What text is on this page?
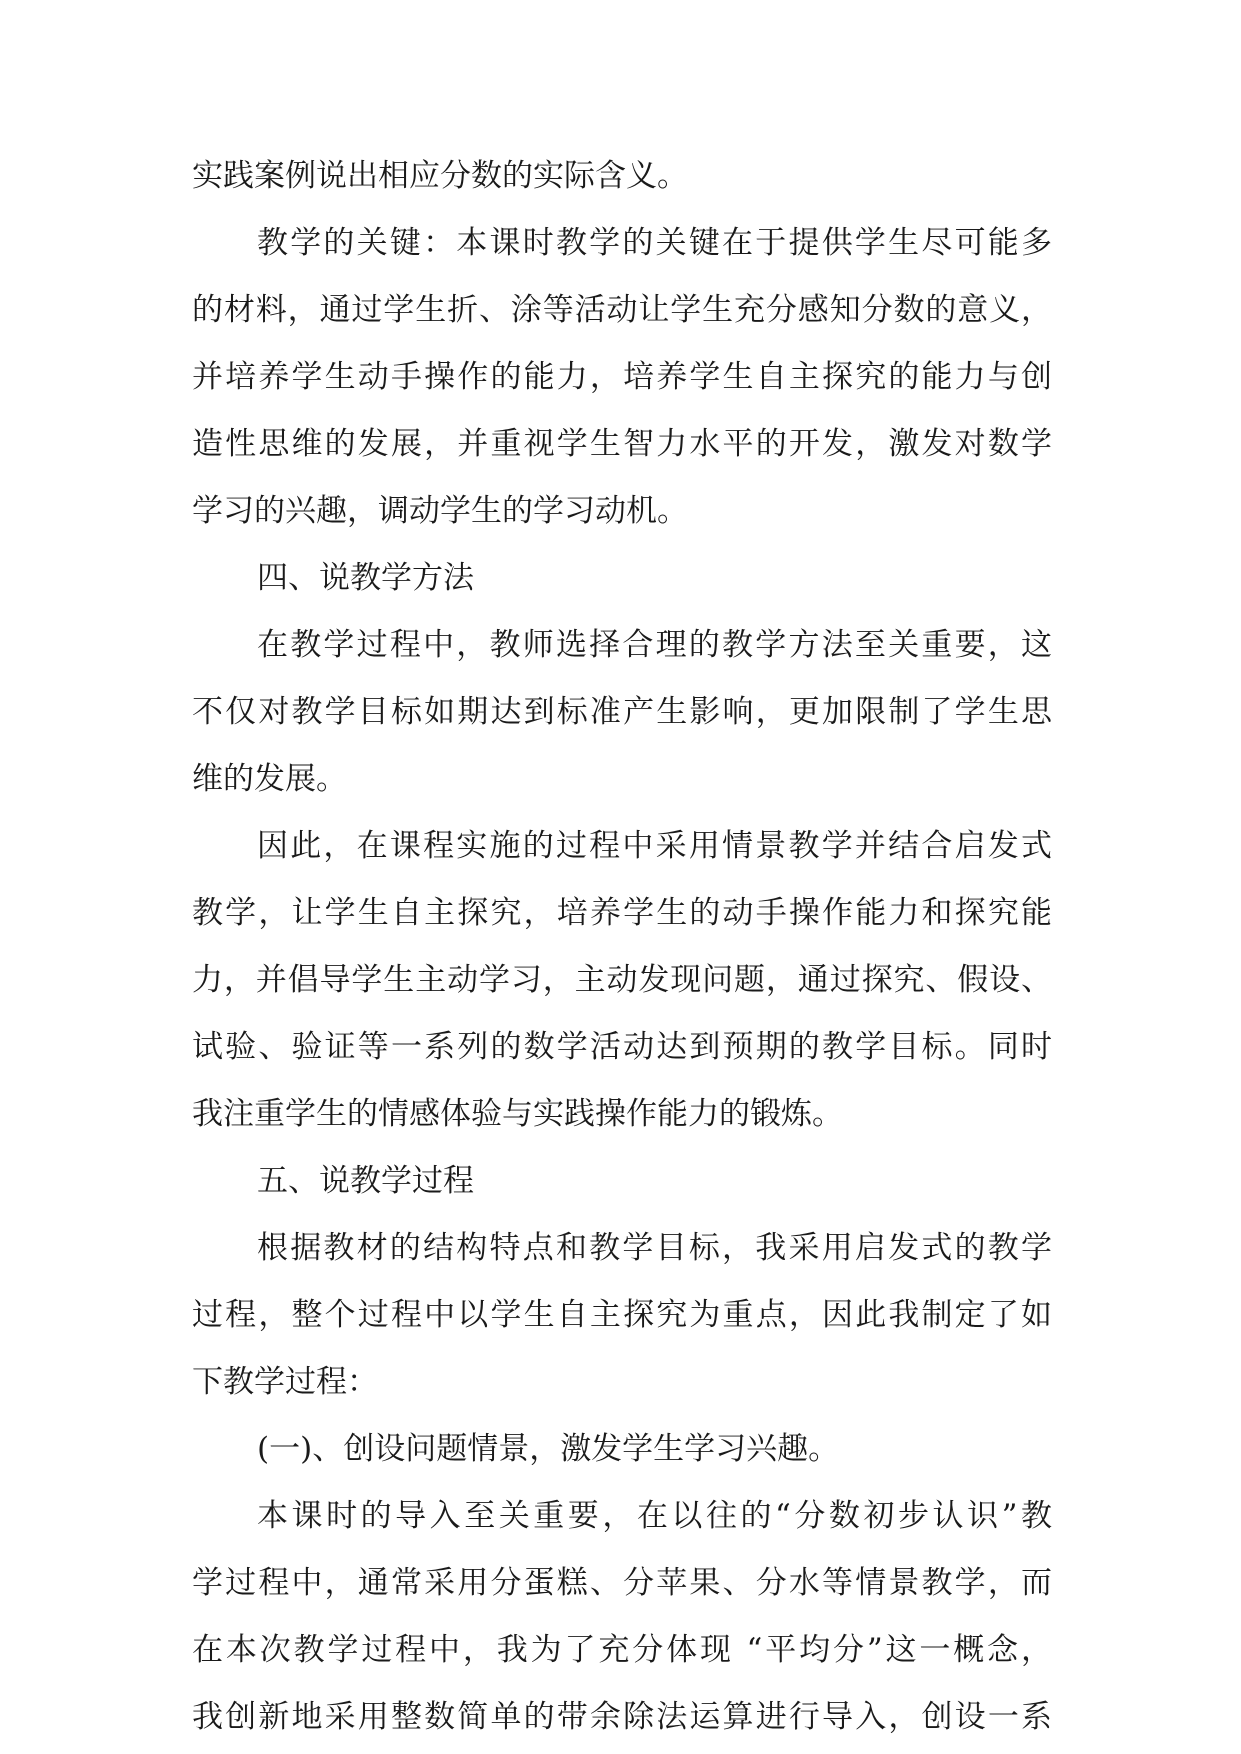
实践案例说出相应分数的实际含义。
教学的关键：本课时教学的关键在于提供学生尽可能多
的材料，通过学生折、涂等活动让学生充分感知分数的意义，
并培养学生动手操作的能力，培养学生自主探究的能力与创
造性思维的发展，并重视学生智力水平的开发，激发对数学
学习的兴趣，调动学生的学习动机。
四、说教学方法
在教学过程中，教师选择合理的教学方法至关重要，这
不仅对教学目标如期达到标准产生影响，更加限制了学生思
维的发展。
因此，在课程实施的过程中采用情景教学并结合启发式
教学，让学生自主探究，培养学生的动手操作能力和探究能
力，并倡导学生主动学习，主动发现问题，通过探究、假设、
试验、验证等一系列的数学活动达到预期的教学目标。同时
我注重学生的情感体验与实践操作能力的锻炼。
五、说教学过程
根据教材的结构特点和教学目标，我采用启发式的教学
过程，整个过程中以学生自主探究为重点，因此我制定了如
下教学过程：
(一)、创设问题情景，激发学生学习兴趣。
本课时的导入至关重要，在以往的“分数初步认识”教
学过程中，通常采用分蛋糕、分苹果、分水等情景教学，而
在本次教学过程中，我为了充分体现 “平均分”这一概念，
我创新地采用整数简单的带余除法运算进行导入，创设一系
